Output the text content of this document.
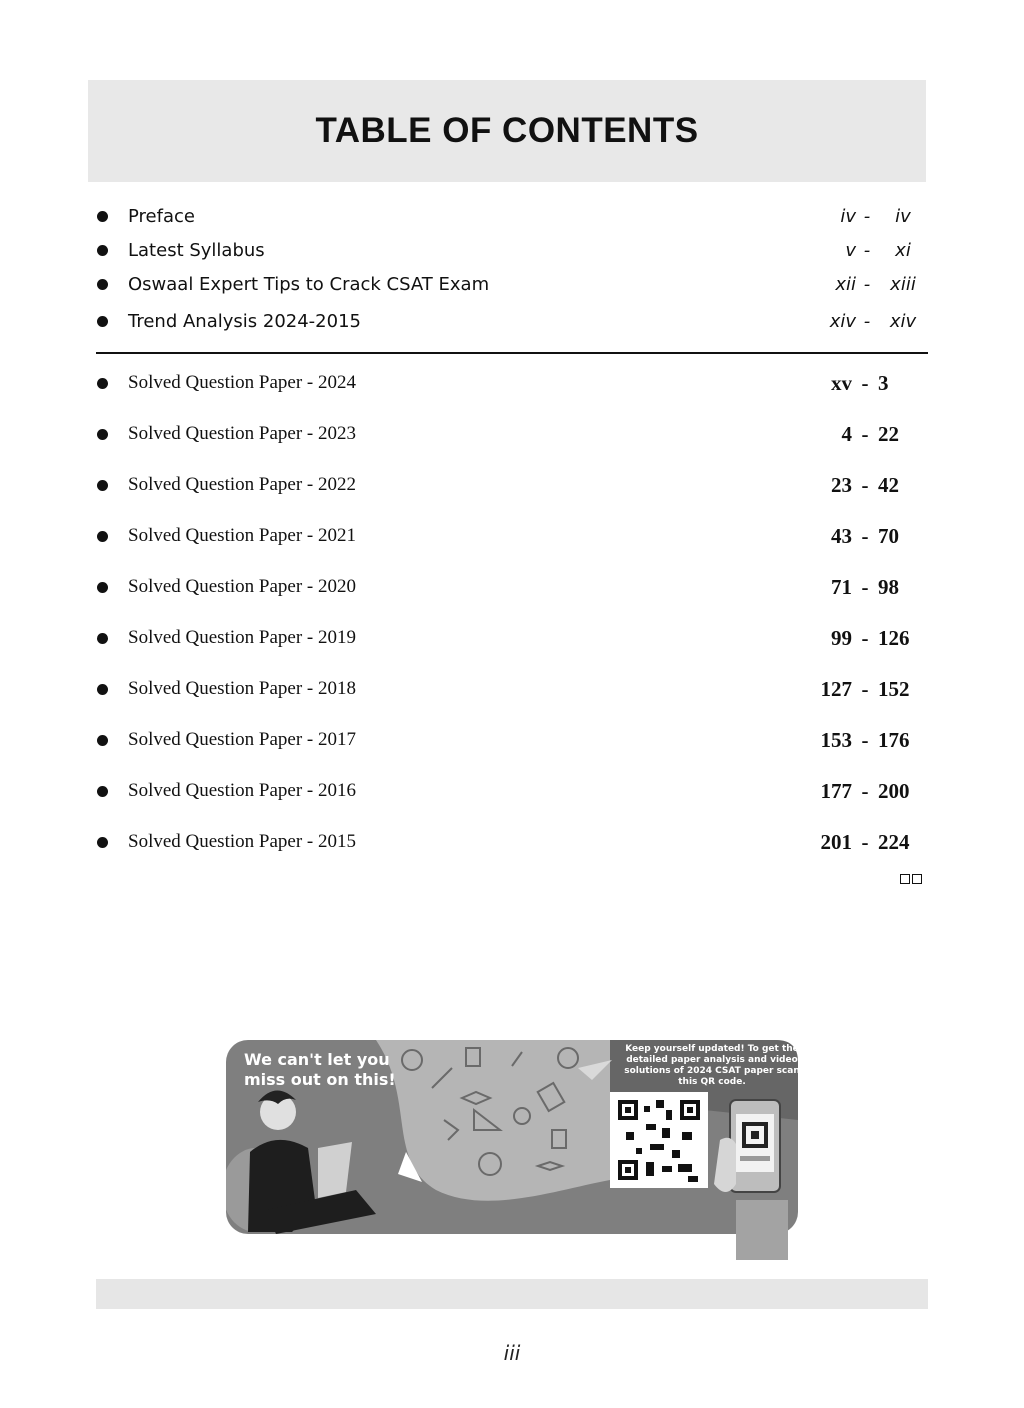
TABLE OF CONTENTS
Preface	iv -	iv
Latest Syllabus	v -	xi
Oswaal Expert Tips to Crack CSAT Exam	xii -	xiii
Trend Analysis 2024-2015	xiv -	xiv
Solved Question Paper - 2024	xv - 3
Solved Question Paper - 2023	4 - 22
Solved Question Paper - 2022	23 - 42
Solved Question Paper - 2021	43 - 70
Solved Question Paper - 2020	71 - 98
Solved Question Paper - 2019	99 - 126
Solved Question Paper - 2018	127 - 152
Solved Question Paper - 2017	153 - 176
Solved Question Paper - 2016	177 - 200
Solved Question Paper - 2015	201 - 224
We can't let you miss out on this!
Keep yourself updated! To get the detailed paper analysis and video solutions of 2024 CSAT paper scan this QR code.
iii
